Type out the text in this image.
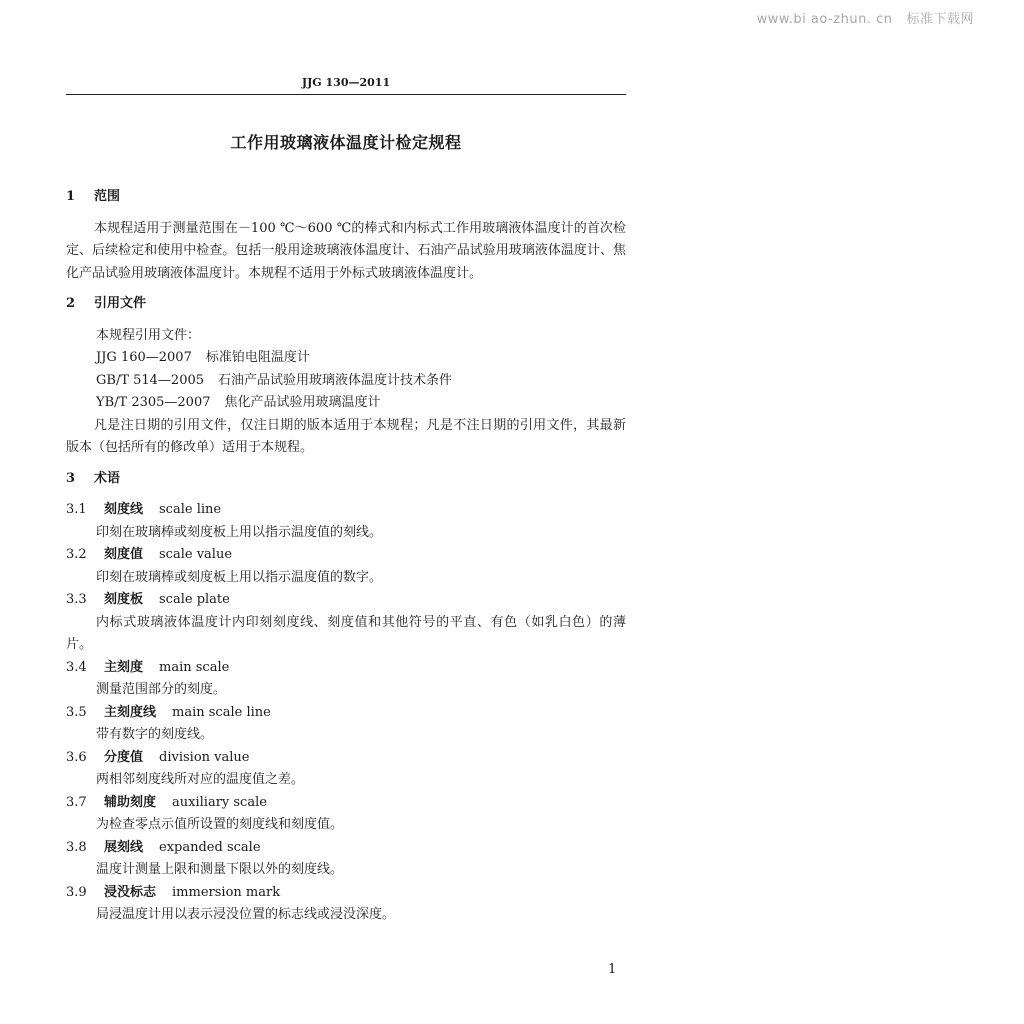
www.bi ao-zhun. cn 标准下载网
JJG 130—2011
工作用玻璃液体温度计检定规程
1 范围
本规程适用于测量范围在－100 ℃～600 ℃的棒式和内标式工作用玻璃液体温度计的首次检定、后续检定和使用中检查。包括一般用途玻璃液体温度计、石油产品试验用玻璃液体温度计、焦化产品试验用玻璃液体温度计。本规程不适用于外标式玻璃液体温度计。
2 引用文件
本规程引用文件：
JJG 160—2007 标准铂电阻温度计
GB/T 514—2005 石油产品试验用玻璃液体温度计技术条件
YB/T 2305—2007 焦化产品试验用玻璃温度计
凡是注日期的引用文件，仅注日期的版本适用于本规程；凡是不注日期的引用文件，其最新版本（包括所有的修改单）适用于本规程。
3 术语
3.1 刻度线 scale line
印刻在玻璃棒或刻度板上用以指示温度值的刻线。
3.2 刻度值 scale value
印刻在玻璃棒或刻度板上用以指示温度值的数字。
3.3 刻度板 scale plate
内标式玻璃液体温度计内印刻刻度线、刻度值和其他符号的平直、有色（如乳白色）的薄片。
3.4 主刻度 main scale
测量范围部分的刻度。
3.5 主刻度线 main scale line
带有数字的刻度线。
3.6 分度值 division value
两相邻刻度线所对应的温度值之差。
3.7 辅助刻度 auxiliary scale
为检查零点示值所设置的刻度线和刻度值。
3.8 展刻线 expanded scale
温度计测量上限和测量下限以外的刻度线。
3.9 浸没标志 immersion mark
局浸温度计用以表示浸没位置的标志线或浸没深度。
1
